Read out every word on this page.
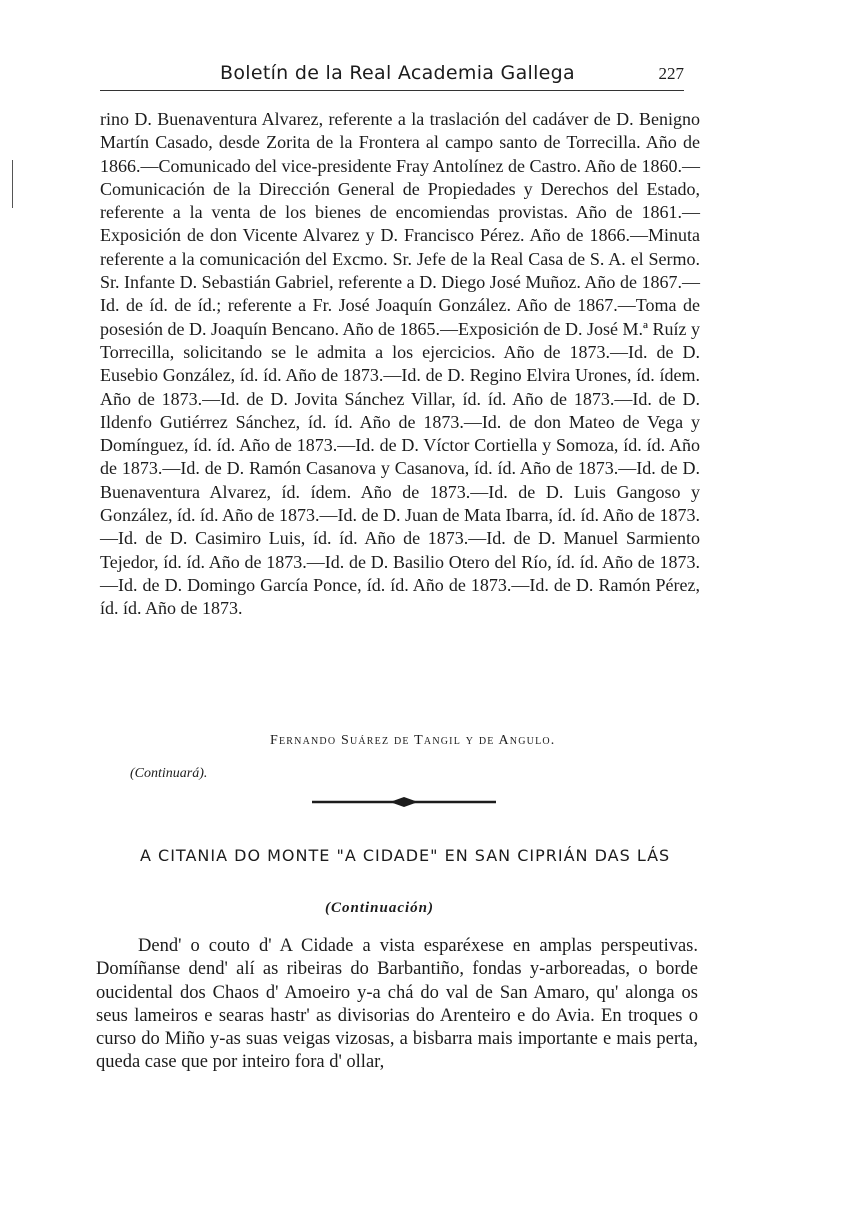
Boletín de la Real Academia Gallega	227

rino D. Buenaventura Alvarez, referente a la traslación del cadáver de D. Benigno Martín Casado, desde Zorita de la Frontera al campo santo de Torrecilla. Año de 1866.—Comunicado del vice-presidente Fray Antolínez de Castro. Año de 1860.—Comunicación de la Dirección General de Propiedades y Derechos del Estado, referente a la venta de los bienes de encomiendas provistas. Año de 1861.—Exposición de don Vicente Alvarez y D. Francisco Pérez. Año de 1866.—Minuta referente a la comunicación del Excmo. Sr. Jefe de la Real Casa de S. A. el Sermo. Sr. Infante D. Sebastián Gabriel, referente a D. Diego José Muñoz. Año de 1867.—Id. de íd. de íd.; referente a Fr. José Joaquín González. Año de 1867.—Toma de posesión de D. Joaquín Bencano. Año de 1865.—Exposición de D. José M.ª Ruíz y Torrecilla, solicitando se le admita a los ejercicios. Año de 1873.—Id. de D. Eusebio González, íd. íd. Año de 1873.—Id. de D. Regino Elvira Urones, íd. ídem. Año de 1873.—Id. de D. Jovita Sánchez Villar, íd. íd. Año de 1873.—Id. de D. Ildenfo Gutiérrez Sánchez, íd. íd. Año de 1873.—Id. de don Mateo de Vega y Domínguez, íd. íd. Año de 1873.—Id. de D. Víctor Cortiella y Somoza, íd. íd. Año de 1873.—Id. de D. Ramón Casanova y Casanova, íd. íd. Año de 1873.—Id. de D. Buenaventura Alvarez, íd. ídem. Año de 1873.—Id. de D. Luis Gangoso y González, íd. íd. Año de 1873.—Id. de D. Juan de Mata Ibarra, íd. íd. Año de 1873.—Id. de D. Casimiro Luis, íd. íd. Año de 1873.—Id. de D. Manuel Sarmiento Tejedor, íd. íd. Año de 1873.—Id. de D. Basilio Otero del Río, íd. íd. Año de 1873.—Id. de D. Domingo García Ponce, íd. íd. Año de 1873.—Id. de D. Ramón Pérez, íd. íd. Año de 1873.

Fernando Suárez de Tangil y de Angulo.
(Continuará).
A CITANIA DO MONTE "A CIDADE" EN SAN CIPRIÁN DAS LÁS
(Continuación)

Dend' o couto d' A Cidade a vista esparéxese en amplas perspeutivas. Domíñanse dend' alí as ribeiras do Barbantiño, fondas y-arboreadas, o borde oucidental dos Chaos d' Amoeiro y-a chá do val de San Amaro, qu' alonga os seus lameiros e searas hastr' as divisorias do Arenteiro e do Avia. En troques o curso do Miño y-as suas veigas vizosas, a bisbarra mais importante e mais perta, queda case que por inteiro fora d' ollar,
